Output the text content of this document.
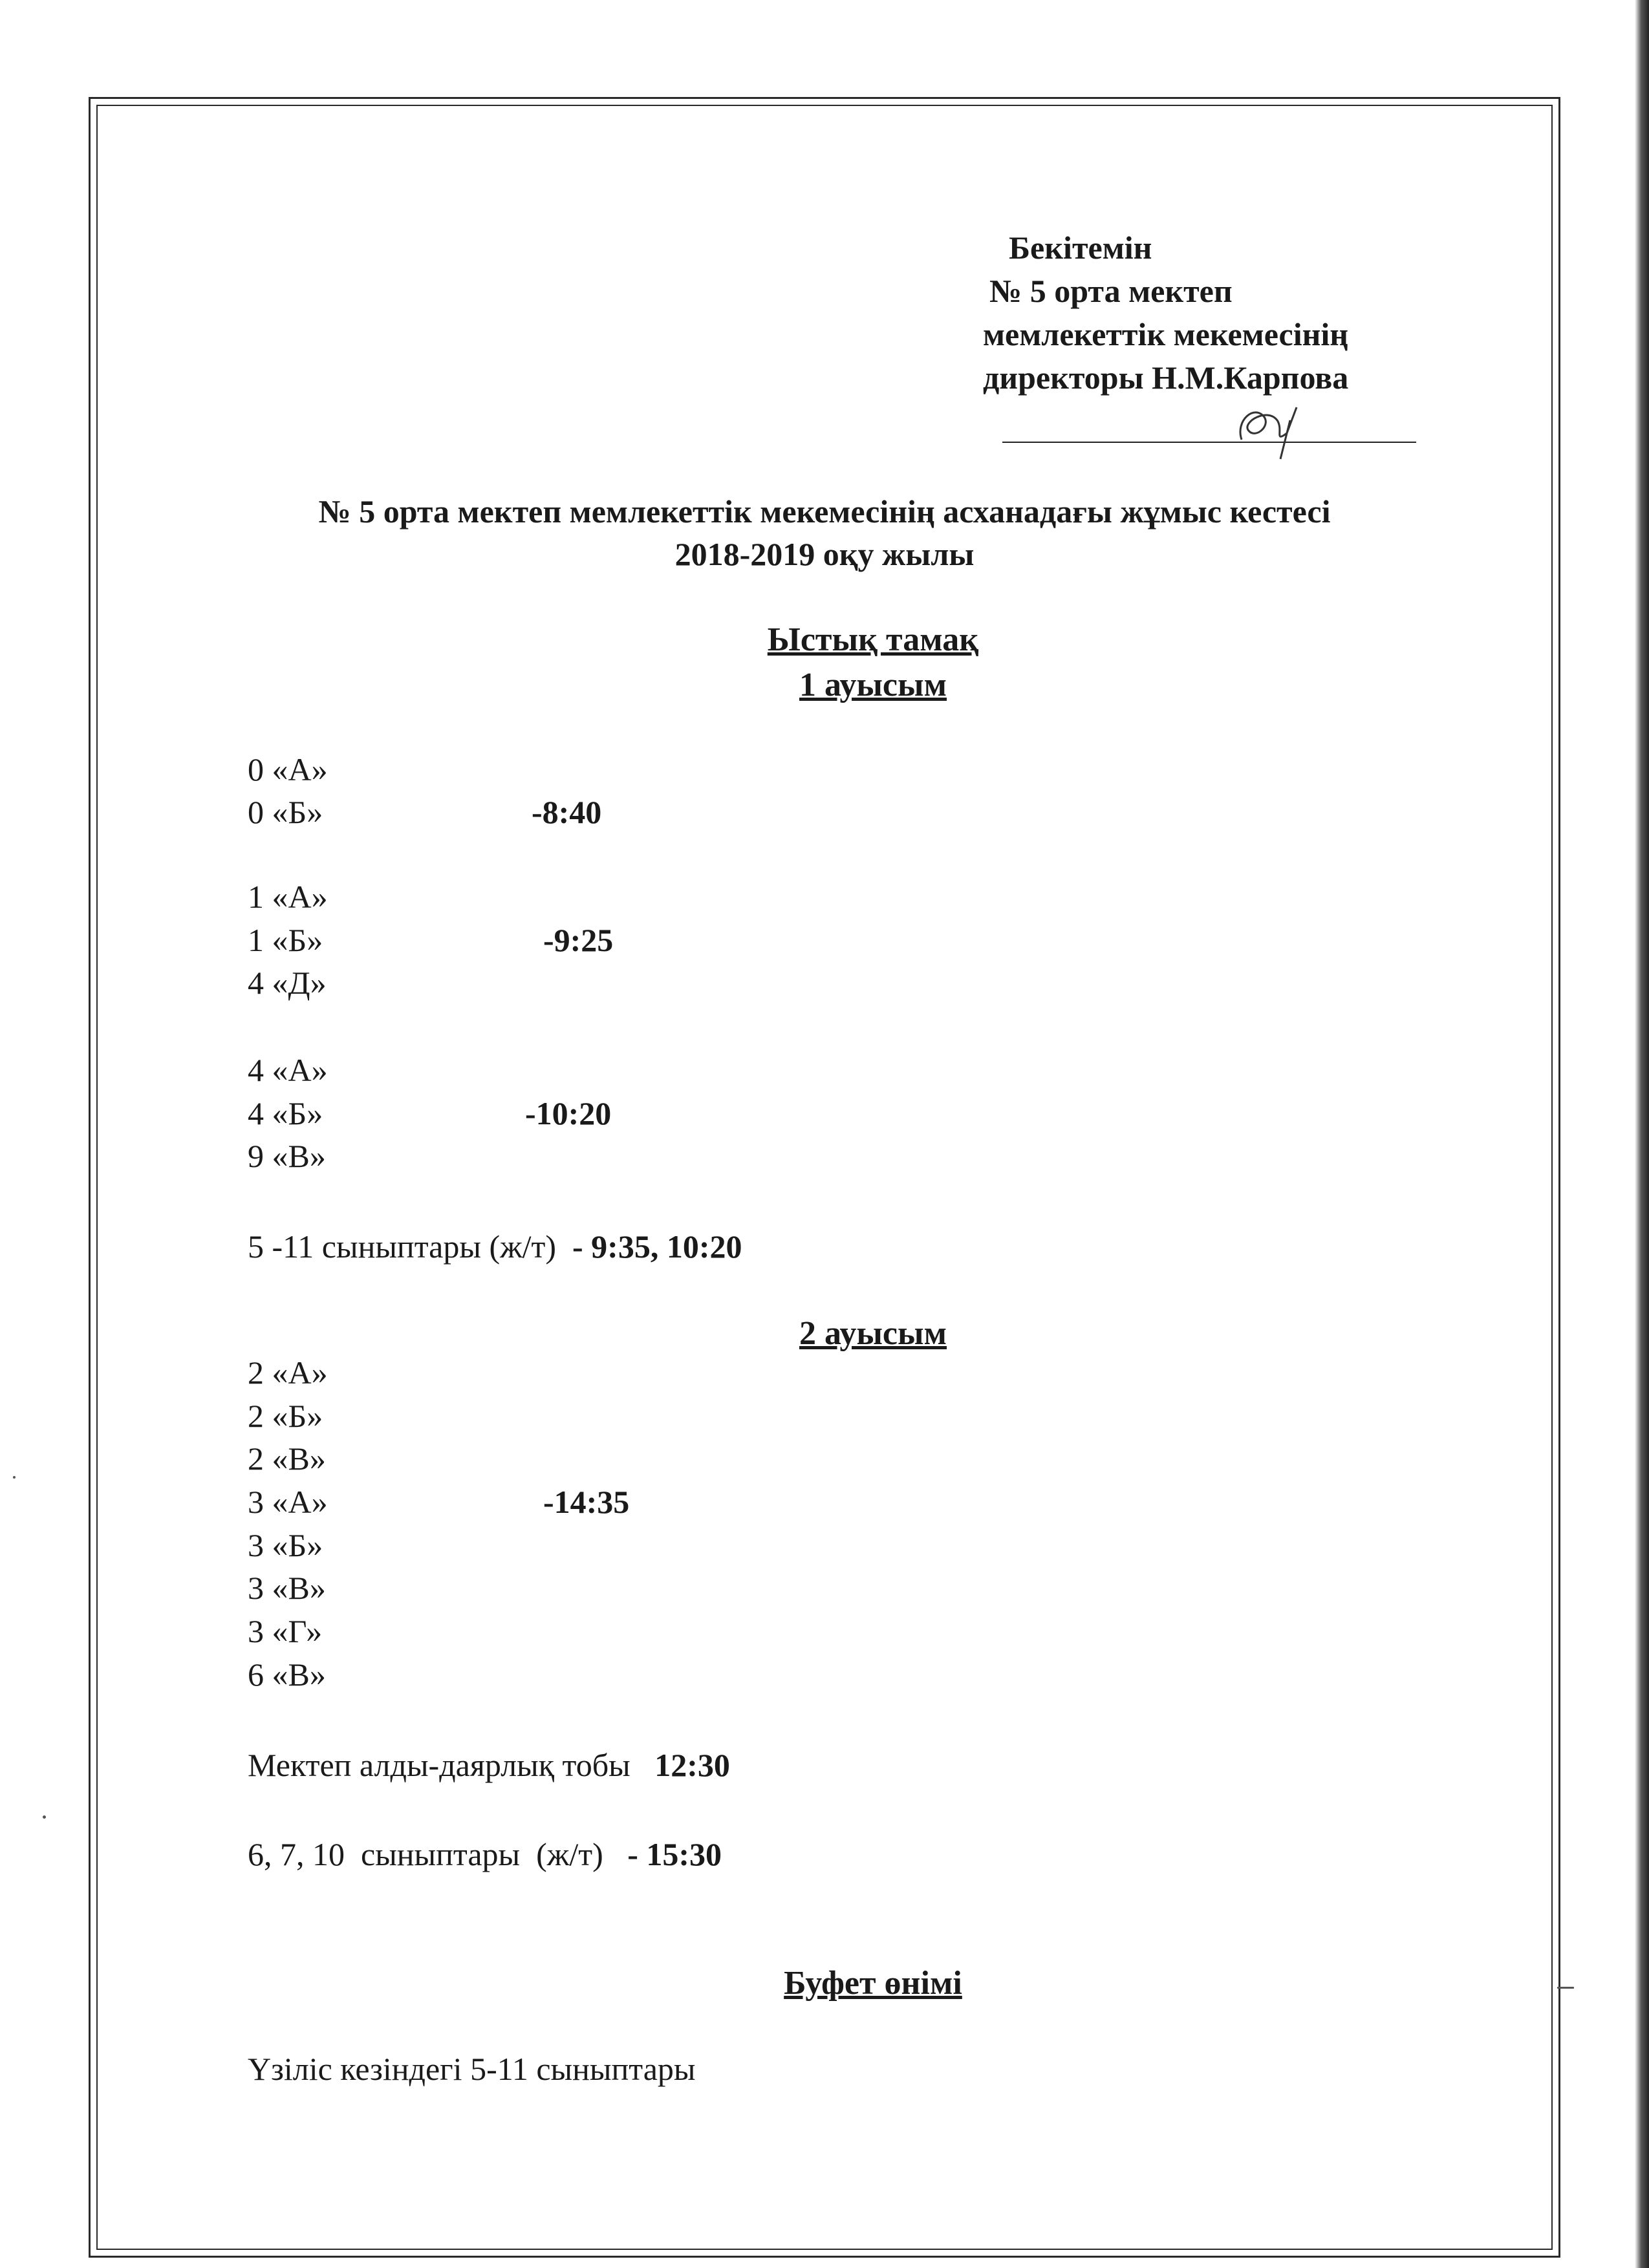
Бекітемін
№ 5 орта мектеп
мемлекеттік мекемесінің
директоры Н.М.Карпова
№ 5 орта мектеп мемлекеттік мекемесінің асханадағы жұмыс кестесі
2018-2019 оқу жылы
Ыстық тамақ
1 ауысым
0 «А»
0 «Б»	-8:40
1 «А»
1 «Б»	-9:25
4 «Д»
4 «А»
4 «Б»	-10:20
9 «В»
5 -11 сыныптары (ж/т)  - 9:35, 10:20
2 ауысым
2 «А»
2 «Б»
2 «В»
3 «А»	-14:35
3 «Б»
3 «В»
3 «Г»
6 «В»
Мектеп алды-даярлық тобы   12:30
6, 7, 10  сыныптары  (ж/т)   - 15:30
Буфет өнімі
Үзіліс кезіндегі 5-11 сыныптары
